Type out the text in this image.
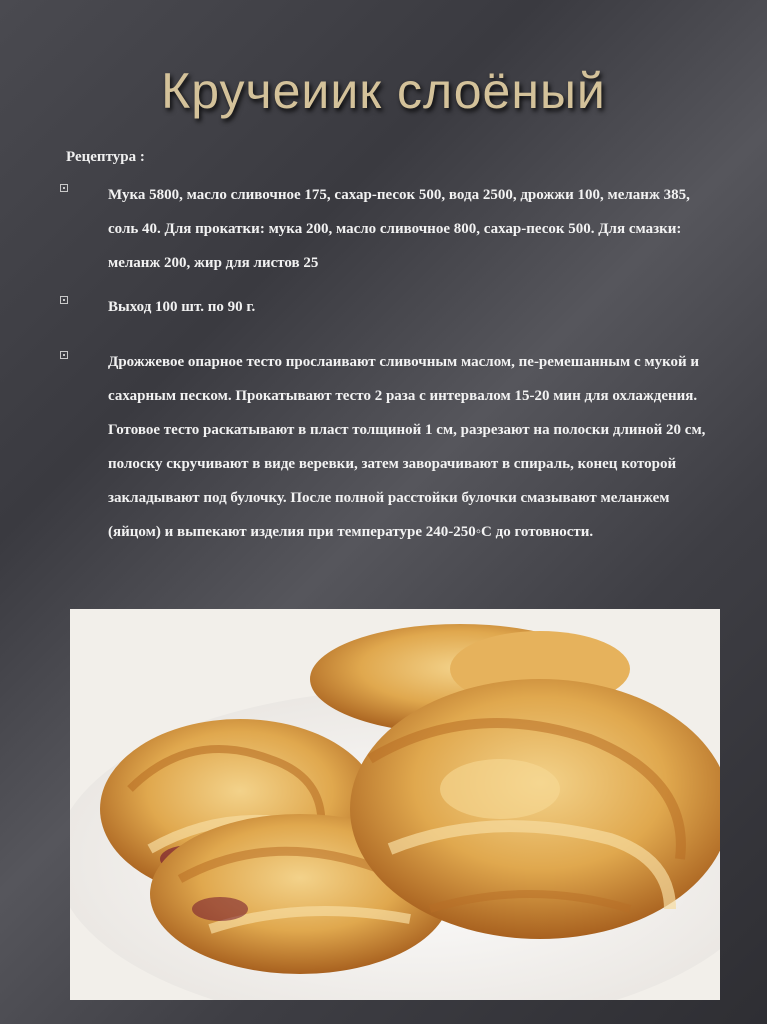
Кручеиик слоёный
Рецептура :
Мука 5800, масло сливочное 175, сахар-песок 500, вода 2500, дрожжи 100, меланж 385, соль 40. Для прокатки: мука 200, масло сливочное 800, сахар-песок 500. Для смазки: меланж 200, жир для листов 25
Выход 100 шт. по 90 г.
Дрожжевое опарное тесто прослаивают сливочным маслом, пе-ремешанным с мукой и сахарным песком. Прокатывают тесто 2 раза с интервалом 15-20 мин для охлаждения. Готовое тесто раскатывают в пласт толщиной 1 см, разрезают на полоски длиной 20 см, полоску скручивают в виде веревки, затем заворачивают в спираль, конец которой закладывают под булочку. После полной расстойки булочки смазывают меланжем (яйцом) и выпекают изделия при температуре 240-250◦С до готовности.
